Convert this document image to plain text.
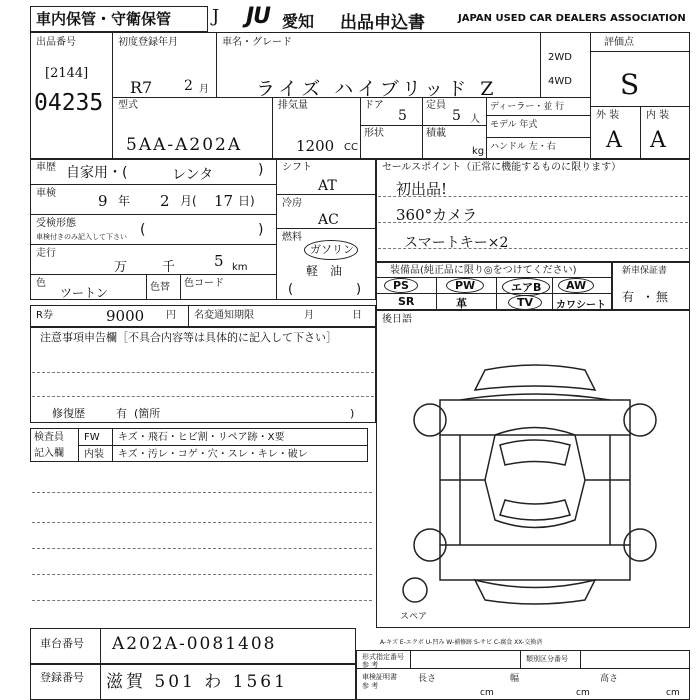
車内保管・守衛保管 J JU 愛知 出品申込書	JAPAN USED CAR DEALERS ASSOCIATION
出品番号
[2144]
04235
初度登録年月
R7 2 月
車名・グレード
ライズ ハイブリッド Z
2WD
4WD
評価点
S
外 装	内 装
A A
型式
5AA-A202A
排気量
1200 CC
ドア
5
定員
5 人
形状	積載
kg
ディーラー・並 行
モデル 年式
ハンドル 左・右
車歴 自家用・(	レンタ	)
車検	9 年 2 月( 17 日)
受検形態
車検付きのみ記入して下さい (	)
走行
万	千	5 km
色
ツートン	色替 色コード
シフト
AT
冷房
AC
燃料
ガソリン
軽　油
(	)
セールスポイント（正常に機能するものに限ります）
初出品!
360°カメラ
スマートキー×2
装備品(純正品に限り◎をつけてください)
PS	PW	エアB	AW
SR	革	TV	カワシート
新車保証書
有 ・ 無
R券	9000 円 名変通知期限	月	日
注意事項申告欄［不具合内容等は具体的に記入して下さい］
修復歴	有 (箇所	)
検査員
記入欄
FW キズ・飛石・ヒビ割・リペア跡・X要
内装 キズ・汚レ・コゲ・穴・スレ・キレ・破レ
後日語
スペア
A-キズ E-エクボ U-凹み W-補修跡 S-サビ C-腐食 XX-交換済
車台番号 A202A-0081408
登録番号 滋賀 501 わ 1561
形式指定番号
参 考
類別区分番号
車検証明書
参 考
長さ
cm
幅
cm
高さ
cm
